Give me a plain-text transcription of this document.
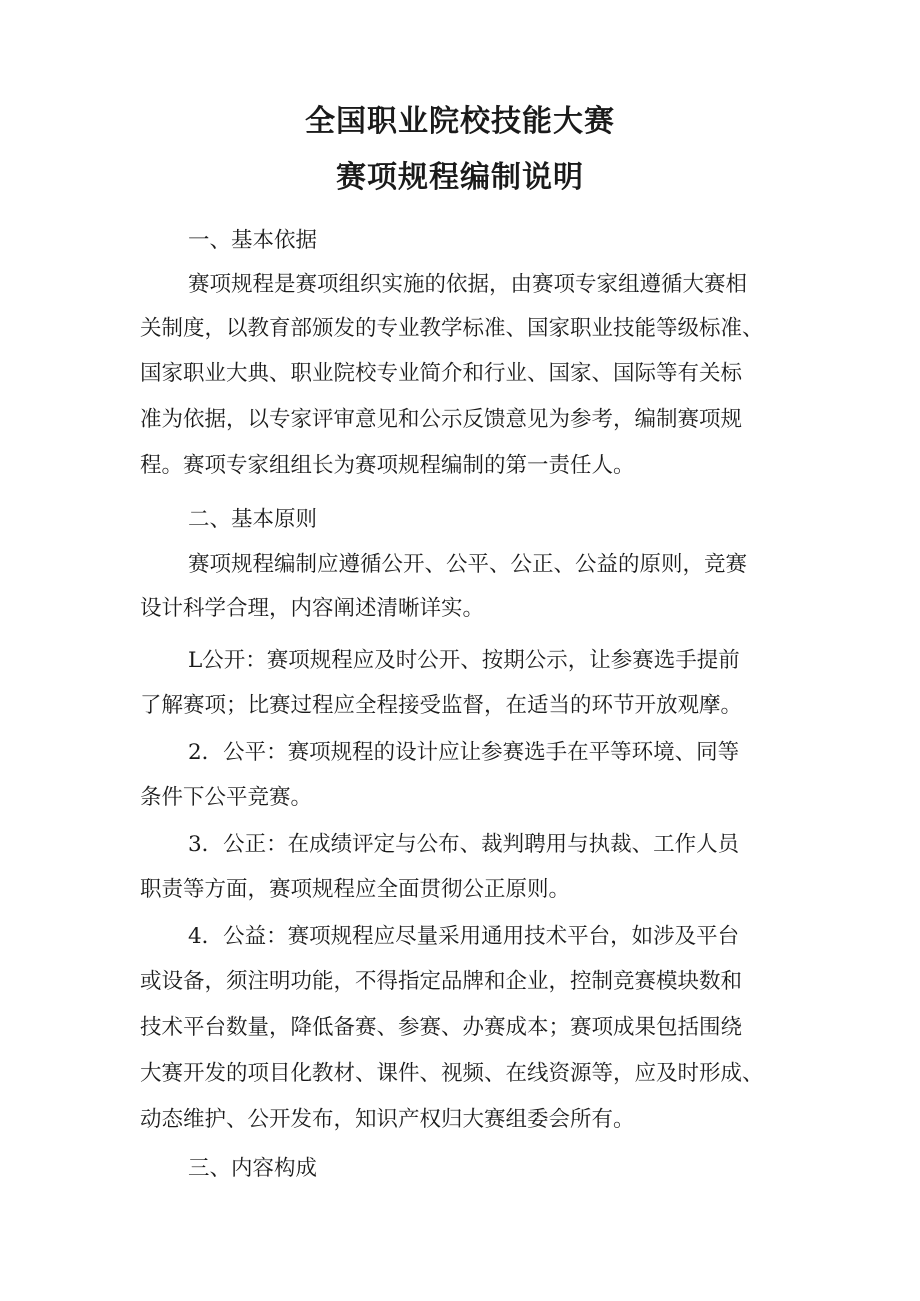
全国职业院校技能大赛
赛项规程编制说明
一、基本依据
赛项规程是赛项组织实施的依据，由赛项专家组遵循大赛相
关制度，以教育部颁发的专业教学标准、国家职业技能等级标准、
国家职业大典、职业院校专业简介和行业、国家、国际等有关标
准为依据，以专家评审意见和公示反馈意见为参考，编制赛项规
程。赛项专家组组长为赛项规程编制的第一责任人。
二、基本原则
赛项规程编制应遵循公开、公平、公正、公益的原则，竞赛
设计科学合理，内容阐述清晰详实。
L公开：赛项规程应及时公开、按期公示，让参赛选手提前
了解赛项；比赛过程应全程接受监督，在适当的环节开放观摩。
2．公平：赛项规程的设计应让参赛选手在平等环境、同等
条件下公平竞赛。
3．公正：在成绩评定与公布、裁判聘用与执裁、工作人员
职责等方面，赛项规程应全面贯彻公正原则。
4．公益：赛项规程应尽量采用通用技术平台，如涉及平台
或设备，须注明功能，不得指定品牌和企业，控制竞赛模块数和
技术平台数量，降低备赛、参赛、办赛成本；赛项成果包括围绕
大赛开发的项目化教材、课件、视频、在线资源等，应及时形成、
动态维护、公开发布，知识产权归大赛组委会所有。
三、内容构成
